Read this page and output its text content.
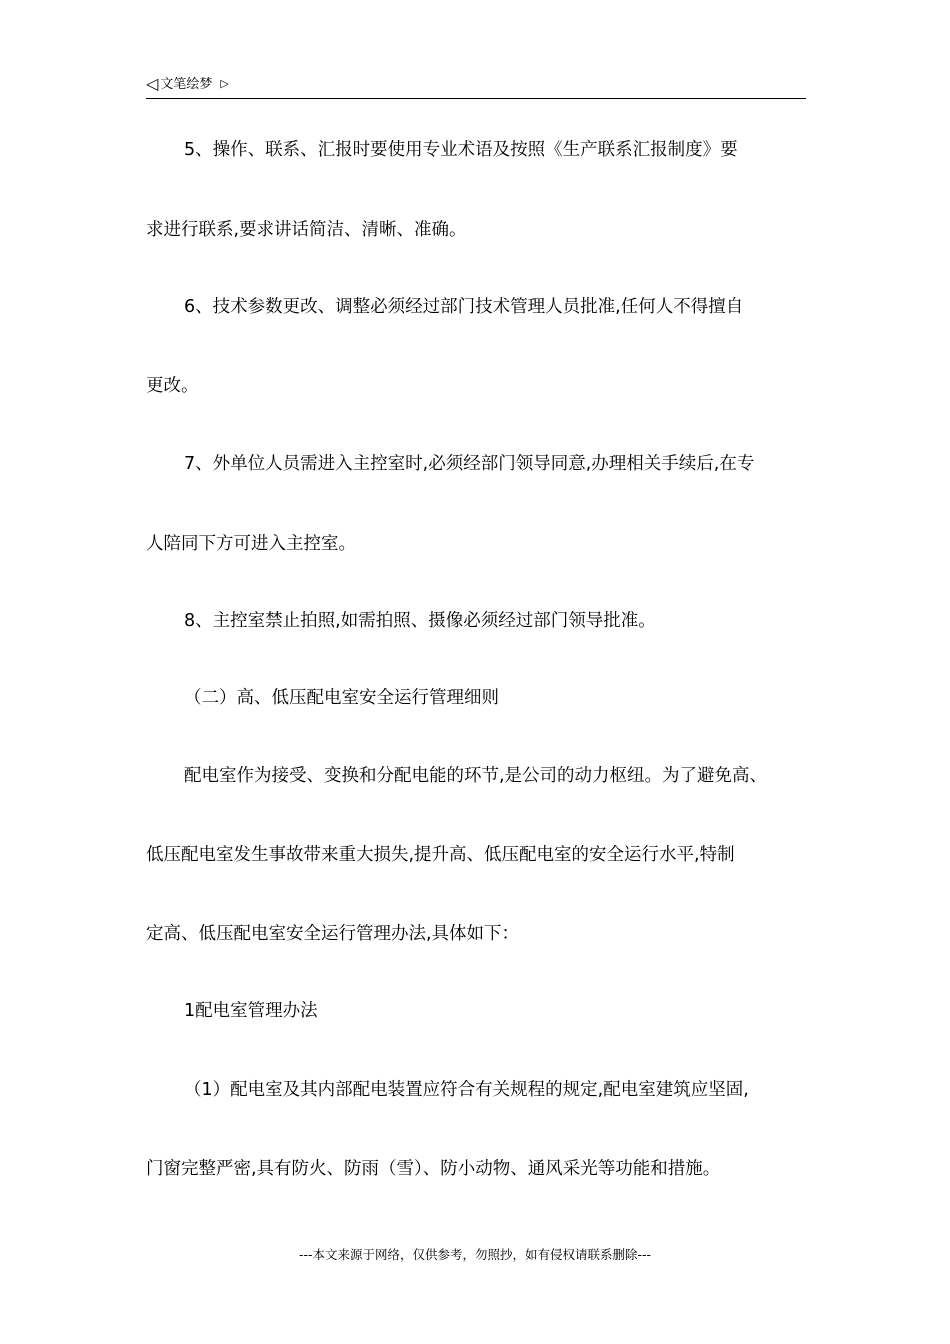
◁ 文笔绘梦 ▷
5、操作、联系、汇报时要使用专业术语及按照《生产联系汇报制度》要
求进行联系,要求讲话简洁、清晰、准确。
6、技术参数更改、调整必须经过部门技术管理人员批准,任何人不得擅自
更改。
7、外单位人员需进入主控室时,必须经部门领导同意,办理相关手续后,在专
人陪同下方可进入主控室。
8、主控室禁止拍照,如需拍照、摄像必须经过部门领导批准。
（二）高、低压配电室安全运行管理细则
配电室作为接受、变换和分配电能的环节,是公司的动力枢纽。为了避免高、
低压配电室发生事故带来重大损失,提升高、低压配电室的安全运行水平,特制
定高、低压配电室安全运行管理办法,具体如下：
1配电室管理办法
（1）配电室及其内部配电装置应符合有关规程的规定,配电室建筑应坚固,
门窗完整严密,具有防火、防雨（雪）、防小动物、通风采光等功能和措施。
---本文来源于网络，仅供参考，勿照抄，如有侵权请联系删除---
